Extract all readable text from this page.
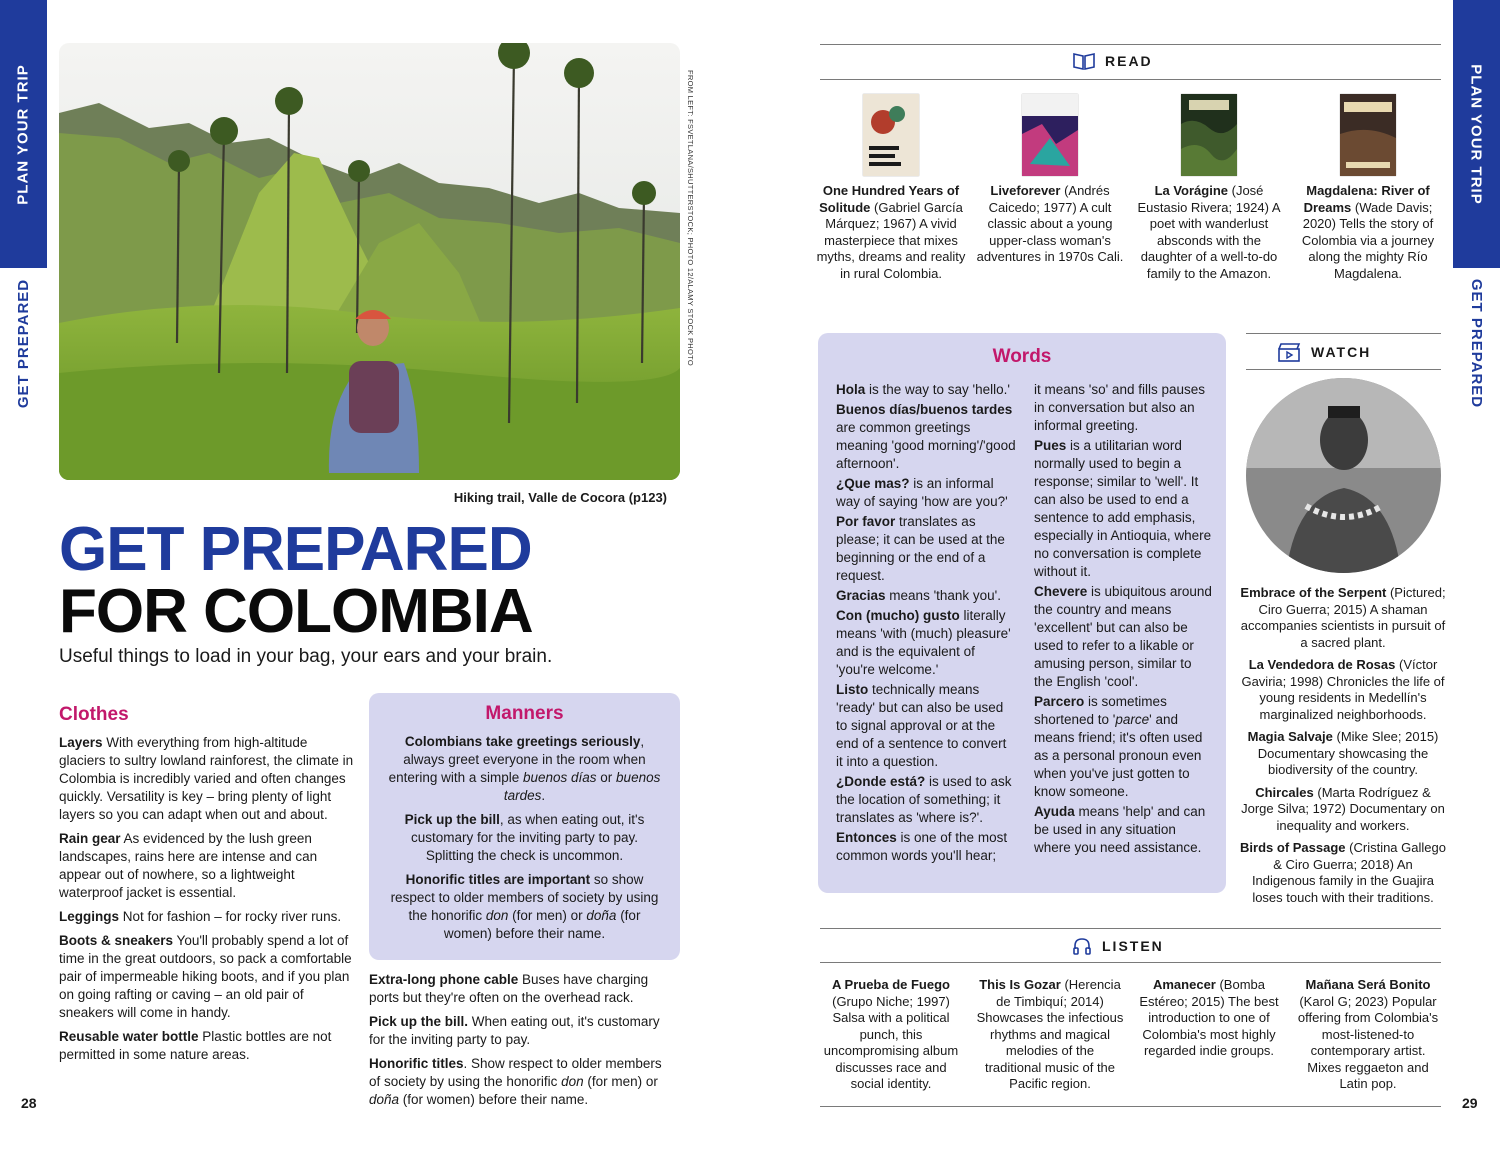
PLAN YOUR TRIP
GET PREPARED
PLAN YOUR TRIP
GET PREPARED
28	29
FROM LEFT: FSVETLANA/SHUTTERSTOCK; PHOTO 12/ALAMY STOCK PHOTO
Hiking trail, Valle de Cocora (p123)
GET PREPARED
FOR COLOMBIA
Useful things to load in your bag, your ears and your brain.
Clothes

Layers With everything from high-altitude glaciers to sultry lowland rainforest, the climate in Colombia is incredibly varied and often changes quickly. Versatility is key – bring plenty of light layers so you can adapt when out and about.

Rain gear As evidenced by the lush green landscapes, rains here are intense and can appear out of nowhere, so a lightweight waterproof jacket is essential.

Leggings Not for fashion – for rocky river runs.

Boots & sneakers You'll probably spend a lot of time in the great outdoors, so pack a comfortable pair of impermeable hiking boots, and if you plan on going rafting or caving – an old pair of sneakers will come in handy.

Reusable water bottle Plastic bottles are not permitted in some nature areas.

Manners

Colombians take greetings seriously, always greet everyone in the room when entering with a simple buenos días or buenos tardes.

Pick up the bill, as when eating out, it's customary for the inviting party to pay. Splitting the check is uncommon.

Honorific titles are important so show respect to older members of society by using the honorific don (for men) or doña (for women) before their name.

Extra-long phone cable Buses have charging ports but they're often on the overhead rack.

Pick up the bill. When eating out, it's customary for the inviting party to pay.

Honorific titles. Show respect to older members of society by using the honorific don (for men) or doña (for women) before their name.

READ

One Hundred Years of Solitude (Gabriel García Márquez; 1967) A vivid masterpiece that mixes myths, dreams and reality in rural Colombia.

Liveforever (Andrés Caicedo; 1977) A cult classic about a young upper-class woman's adventures in 1970s Cali.

La Vorágine (José Eustasio Rivera; 1924) A poet with wanderlust absconds with the daughter of a well-to-do family to the Amazon.

Magdalena: River of Dreams (Wade Davis; 2020) Tells the story of Colombia via a journey along the mighty Río Magdalena.

Words

Hola is the way to say 'hello.'

Buenos días/buenos tardes are common greetings meaning 'good morning'/'good afternoon'.

¿Que mas? is an informal way of saying 'how are you?'

Por favor translates as please; it can be used at the beginning or the end of a request.

Gracias means 'thank you'.

Con (mucho) gusto literally means 'with (much) pleasure' and is the equivalent of 'you're welcome.'

Listo technically means 'ready' but can also be used to signal approval or at the end of a sentence to convert it into a question.

¿Donde está? is used to ask the location of something; it translates as 'where is?'.

Entonces is one of the most common words you'll hear;

it means 'so' and fills pauses in conversation but also an informal greeting.

Pues is a utilitarian word normally used to begin a response; similar to 'well'. It can also be used to end a sentence to add emphasis, especially in Antioquia, where no conversation is complete without it.

Chevere is ubiquitous around the country and means 'excellent' but can also be used to refer to a likable or amusing person, similar to the English 'cool'.

Parcero is sometimes shortened to 'parce' and means friend; it's often used as a personal pronoun even when you've just gotten to know someone.

Ayuda means 'help' and can be used in any situation where you need assistance.

WATCH

Embrace of the Serpent (Pictured; Ciro Guerra; 2015) A shaman accompanies scientists in pursuit of a sacred plant.

La Vendedora de Rosas (Víctor Gaviria; 1998) Chronicles the life of young residents in Medellín's marginalized neighborhoods.

Magia Salvaje (Mike Slee; 2015) Documentary showcasing the biodiversity of the country.

Chircales (Marta Rodríguez & Jorge Silva; 1972) Documentary on inequality and workers.

Birds of Passage (Cristina Gallego & Ciro Guerra; 2018) An Indigenous family in the Guajira loses touch with their traditions.

LISTEN

A Prueba de Fuego (Grupo Niche; 1997) Salsa with a political punch, this uncompromising album discusses race and social identity.

This Is Gozar (Herencia de Timbiquí; 2014) Showcases the infectious rhythms and magical melodies of the traditional music of the Pacific region.

Amanecer (Bomba Estéreo; 2015) The best introduction to one of Colombia's most highly regarded indie groups.

Mañana Será Bonito (Karol G; 2023) Popular offering from Colombia's most-listened-to contemporary artist. Mixes reggaeton and Latin pop.
